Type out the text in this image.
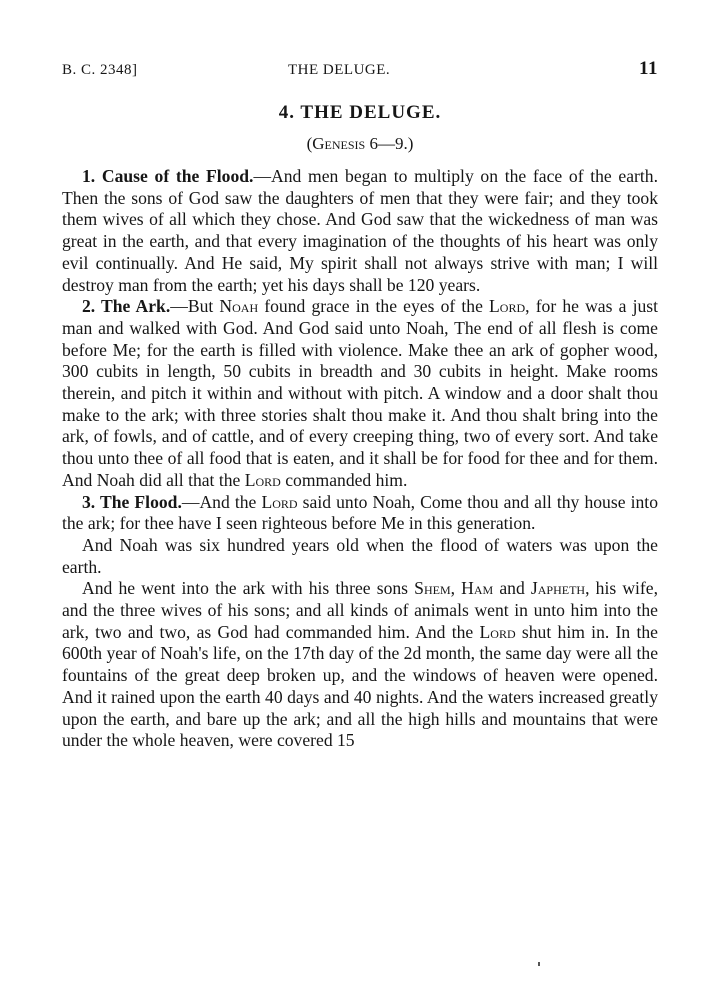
B. C. 2348]	THE DELUGE.	11
4. THE DELUGE.
(Genesis 6—9.)

1. Cause of the Flood.—And men began to multiply on the face of the earth. Then the sons of God saw the daughters of men that they were fair; and they took them wives of all which they chose. And God saw that the wickedness of man was great in the earth, and that every imagination of the thoughts of his heart was only evil continually. And He said, My spirit shall not always strive with man; I will destroy man from the earth; yet his days shall be 120 years.

2. The Ark.—But Noah found grace in the eyes of the Lord, for he was a just man and walked with God. And God said unto Noah, The end of all flesh is come before Me; for the earth is filled with violence. Make thee an ark of gopher wood, 300 cubits in length, 50 cubits in breadth and 30 cubits in height. Make rooms therein, and pitch it within and without with pitch. A window and a door shalt thou make to the ark; with three stories shalt thou make it. And thou shalt bring into the ark, of fowls, and of cattle, and of every creeping thing, two of every sort. And take thou unto thee of all food that is eaten, and it shall be for food for thee and for them. And Noah did all that the Lord commanded him.

3. The Flood.—And the Lord said unto Noah, Come thou and all thy house into the ark; for thee have I seen righteous before Me in this generation.

And Noah was six hundred years old when the flood of waters was upon the earth.

And he went into the ark with his three sons Shem, Ham and Japheth, his wife, and the three wives of his sons; and all kinds of animals went in unto him into the ark, two and two, as God had commanded him. And the Lord shut him in. In the 600th year of Noah's life, on the 17th day of the 2d month, the same day were all the fountains of the great deep broken up, and the windows of heaven were opened. And it rained upon the earth 40 days and 40 nights. And the waters increased greatly upon the earth, and bare up the ark; and all the high hills and mountains that were under the whole heaven, were covered 15
